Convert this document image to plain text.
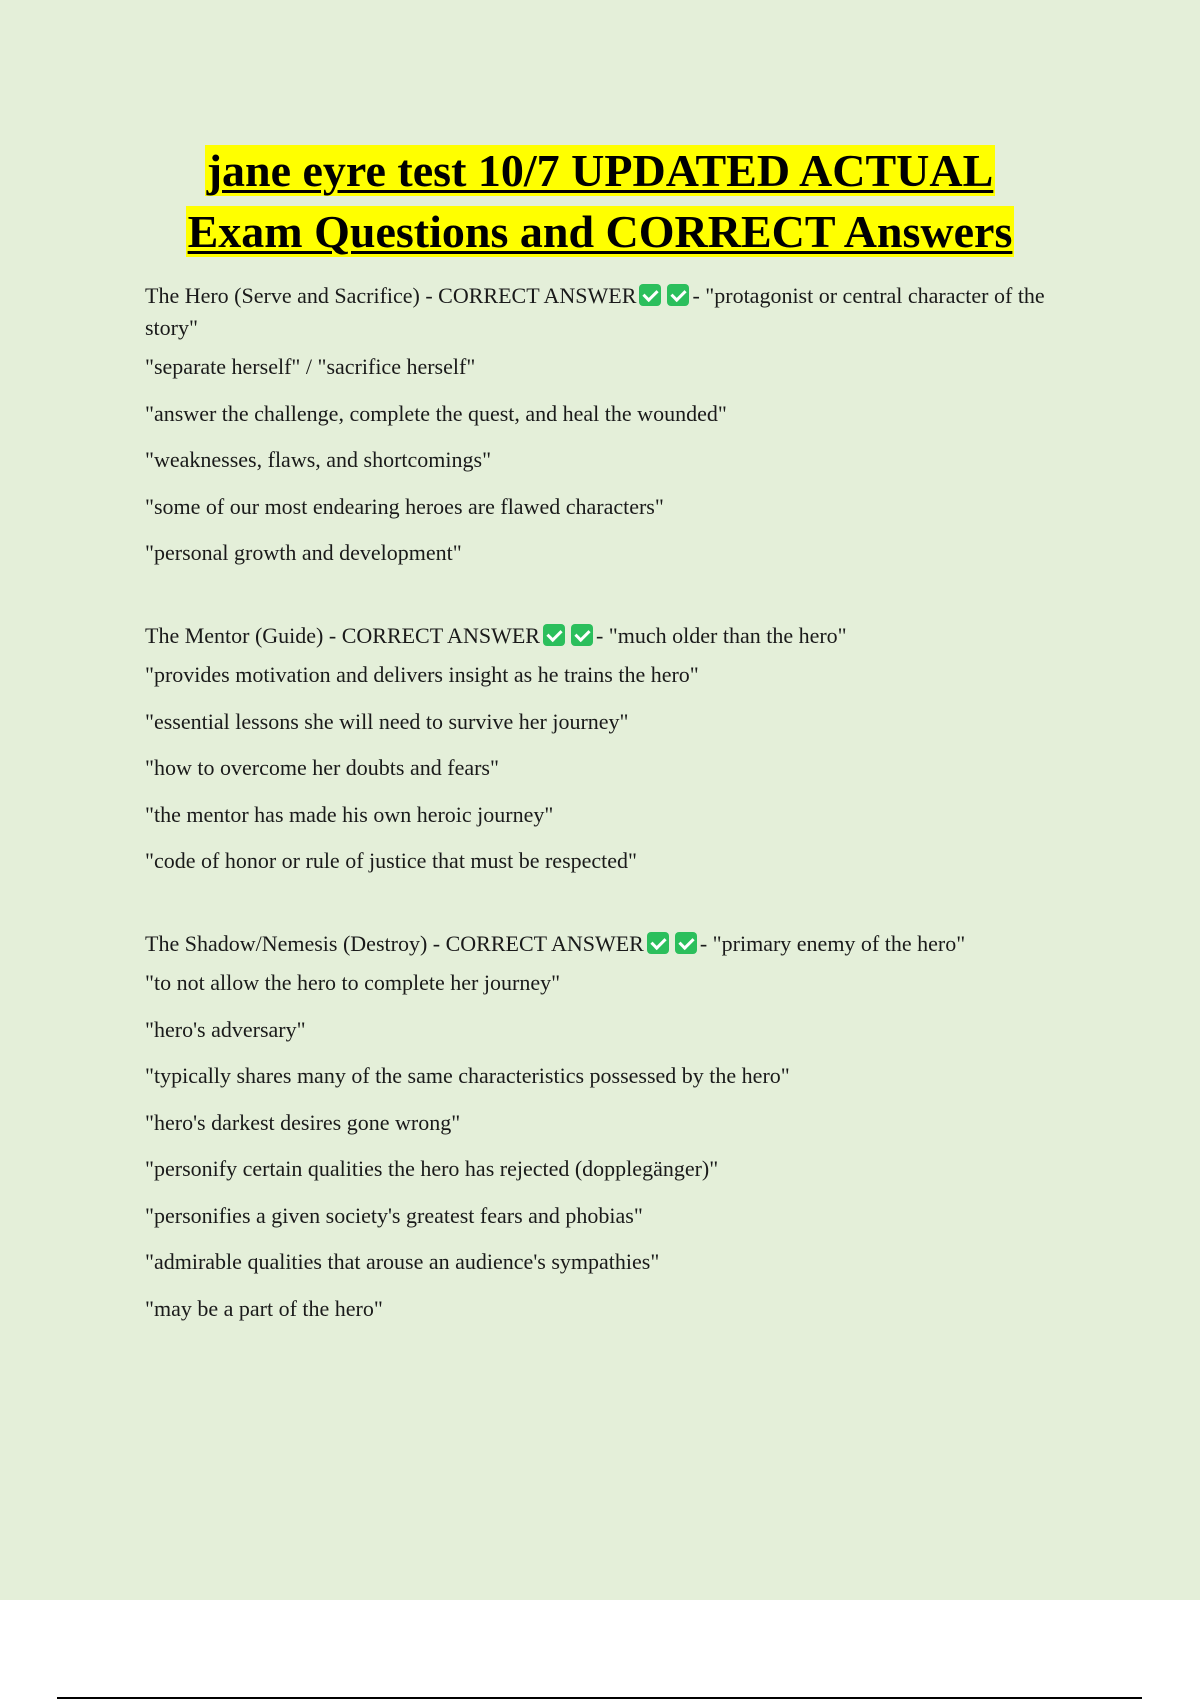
jane eyre test 10/7 UPDATED ACTUAL
Exam Questions and CORRECT Answers

The Hero (Serve and Sacrifice) - CORRECT ANSWER	- "protagonist or central character of the story"

"separate herself" / "sacrifice herself"

"answer the challenge, complete the quest, and heal the wounded"

"weaknesses, flaws, and shortcomings"

"some of our most endearing heroes are flawed characters"

"personal growth and development"

The Mentor (Guide) - CORRECT ANSWER	- "much older than the hero"

"provides motivation and delivers insight as he trains the hero"

"essential lessons she will need to survive her journey"

"how to overcome her doubts and fears"

"the mentor has made his own heroic journey"

"code of honor or rule of justice that must be respected"

The Shadow/Nemesis (Destroy) - CORRECT ANSWER	- "primary enemy of the hero"

"to not allow the hero to complete her journey"

"hero's adversary"

"typically shares many of the same characteristics possessed by the hero"

"hero's darkest desires gone wrong"

"personify certain qualities the hero has rejected (dopplegänger)"

"personifies a given society's greatest fears and phobias"

"admirable qualities that arouse an audience's sympathies"

"may be a part of the hero"
